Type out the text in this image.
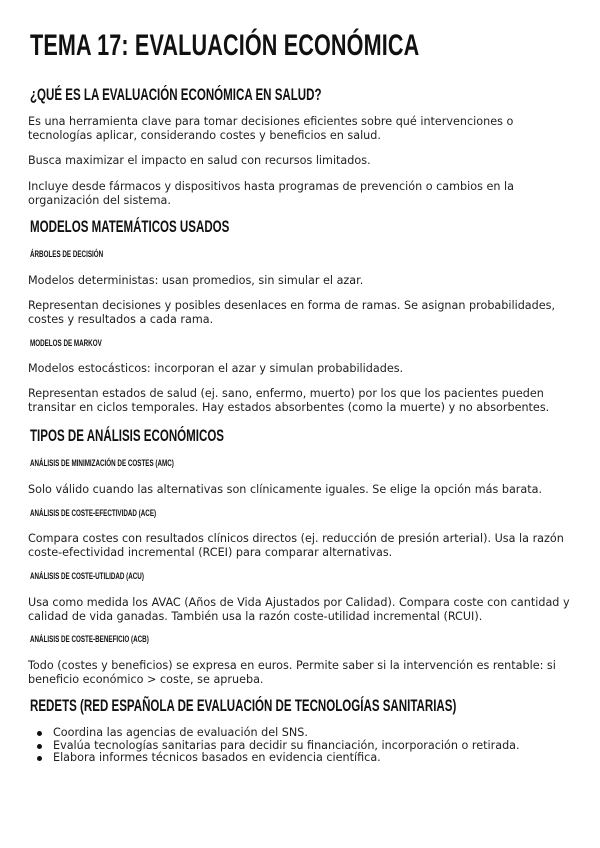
TEMA 17: EVALUACIÓN ECONÓMICA
¿QUÉ ES LA EVALUACIÓN ECONÓMICA EN SALUD?

Es una herramienta clave para tomar decisiones eficientes sobre qué intervenciones o tecnologías aplicar, considerando costes y beneficios en salud.

Busca maximizar el impacto en salud con recursos limitados.

Incluye desde fármacos y dispositivos hasta programas de prevención o cambios en la organización del sistema.

MODELOS MATEMÁTICOS USADOS
ÁRBOLES DE DECISIÓN

Modelos deterministas: usan promedios, sin simular el azar.

Representan decisiones y posibles desenlaces en forma de ramas. Se asignan probabilidades, costes y resultados a cada rama.

MODELOS DE MARKOV

Modelos estocásticos: incorporan el azar y simulan probabilidades.

Representan estados de salud (ej. sano, enfermo, muerto) por los que los pacientes pueden transitar en ciclos temporales. Hay estados absorbentes (como la muerte) y no absorbentes.

TIPOS DE ANÁLISIS ECONÓMICOS
ANÁLISIS DE MINIMIZACIÓN DE COSTES (AMC)

Solo válido cuando las alternativas son clínicamente iguales. Se elige la opción más barata.

ANÁLISIS DE COSTE-EFECTIVIDAD (ACE)

Compara costes con resultados clínicos directos (ej. reducción de presión arterial). Usa la razón coste-efectividad incremental (RCEI) para comparar alternativas.

ANÁLISIS DE COSTE-UTILIDAD (ACU)

Usa como medida los AVAC (Años de Vida Ajustados por Calidad). Compara coste con cantidad y calidad de vida ganadas. También usa la razón coste-utilidad incremental (RCUI).

ANÁLISIS DE COSTE-BENEFICIO (ACB)

Todo (costes y beneficios) se expresa en euros. Permite saber si la intervención es rentable: si beneficio económico > coste, se aprueba.

REDETS (RED ESPAÑOLA DE EVALUACIÓN DE TECNOLOGÍAS SANITARIAS)
Coordina las agencias de evaluación del SNS.
Evalúa tecnologías sanitarias para decidir su financiación, incorporación o retirada.
Elabora informes técnicos basados en evidencia científica.
